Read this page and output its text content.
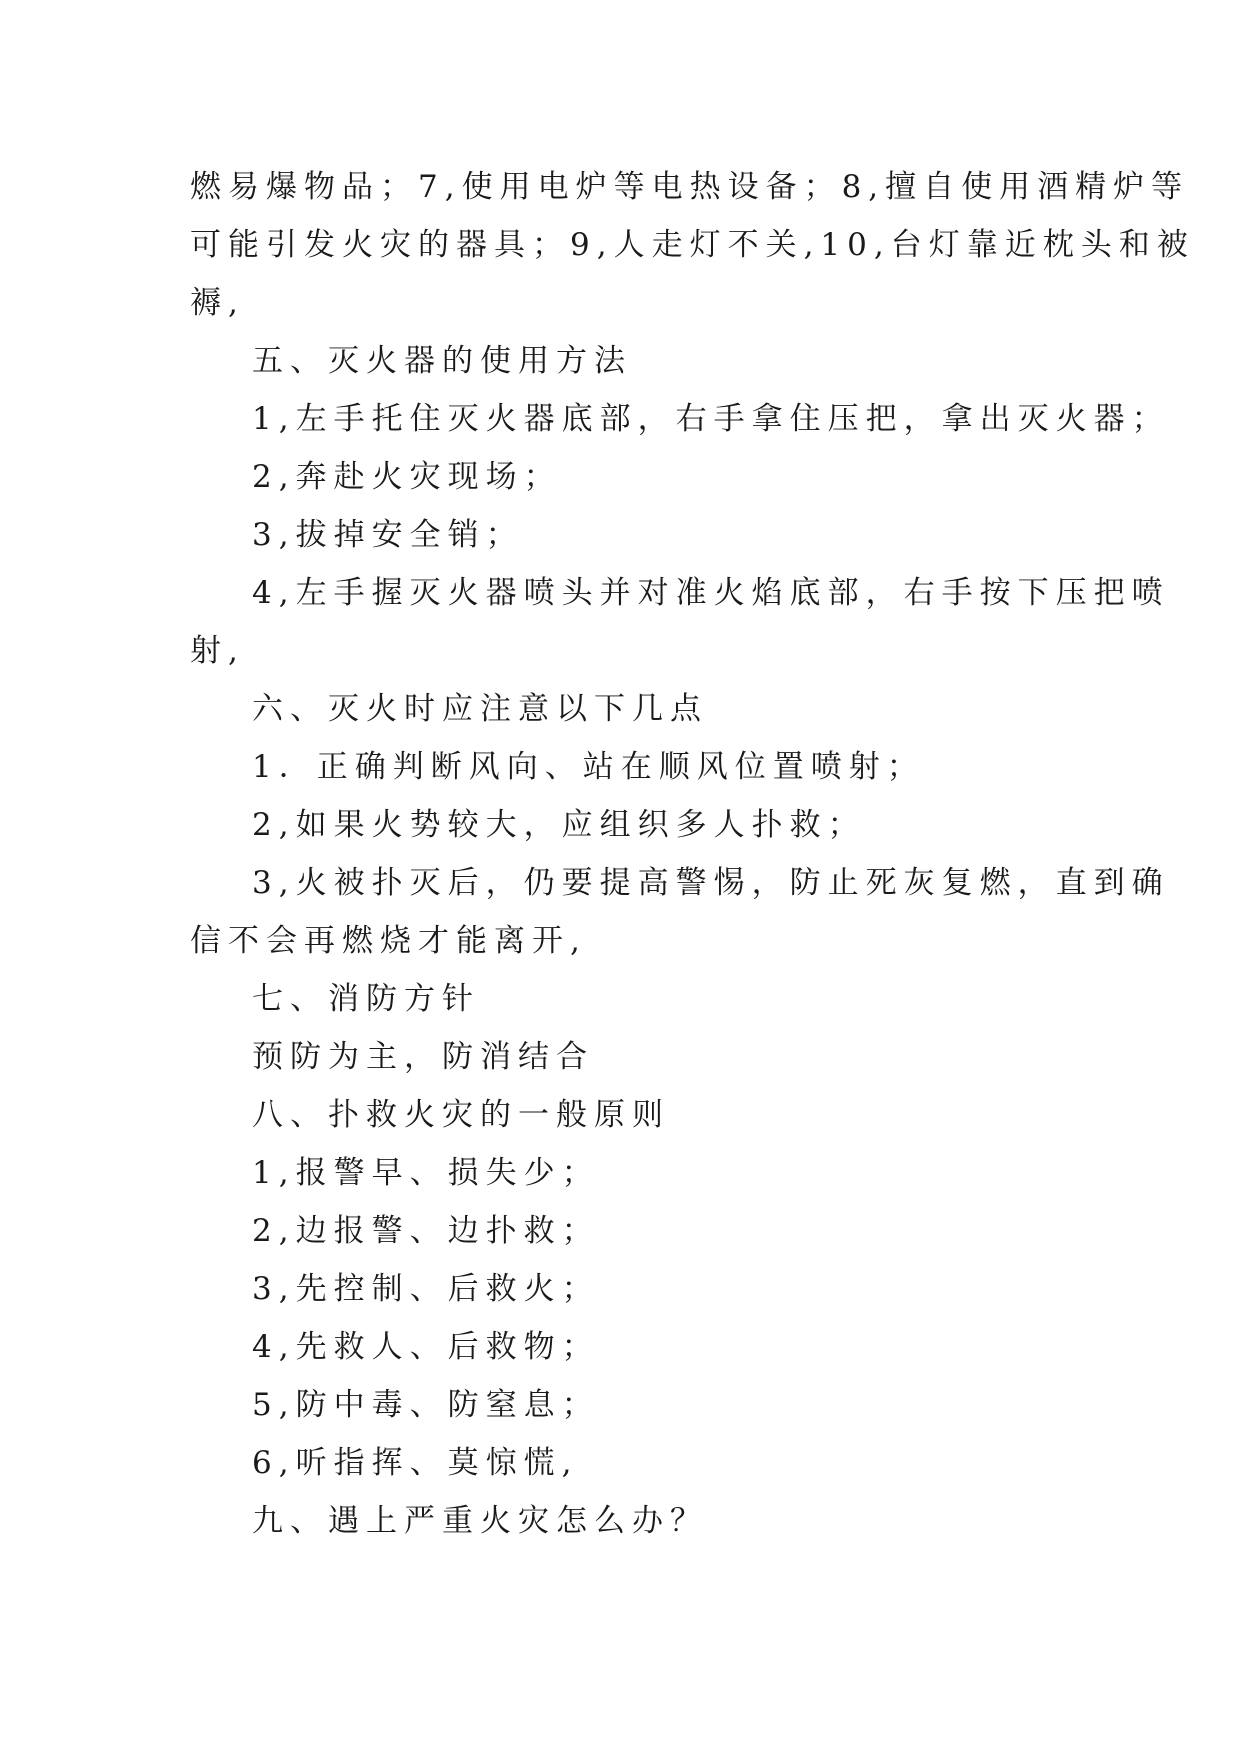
燃易爆物品；7,使用电炉等电热设备；8,擅自使用酒精炉等
可能引发火灾的器具；9,人走灯不关,10,台灯靠近枕头和被
褥,
五、灭火器的使用方法
1,左手托住灭火器底部，右手拿住压把，拿出灭火器；
2,奔赴火灾现场；
3,拔掉安全销；
4,左手握灭火器喷头并对准火焰底部，右手按下压把喷
射,
六、灭火时应注意以下几点
1．正确判断风向、站在顺风位置喷射；
2,如果火势较大，应组织多人扑救；
3,火被扑灭后，仍要提高警惕，防止死灰复燃，直到确
信不会再燃烧才能离开,
七、消防方针
预防为主，防消结合
八、扑救火灾的一般原则
1,报警早、损失少；
2,边报警、边扑救；
3,先控制、后救火；
4,先救人、后救物；
5,防中毒、防窒息；
6,听指挥、莫惊慌,
九、遇上严重火灾怎么办？
